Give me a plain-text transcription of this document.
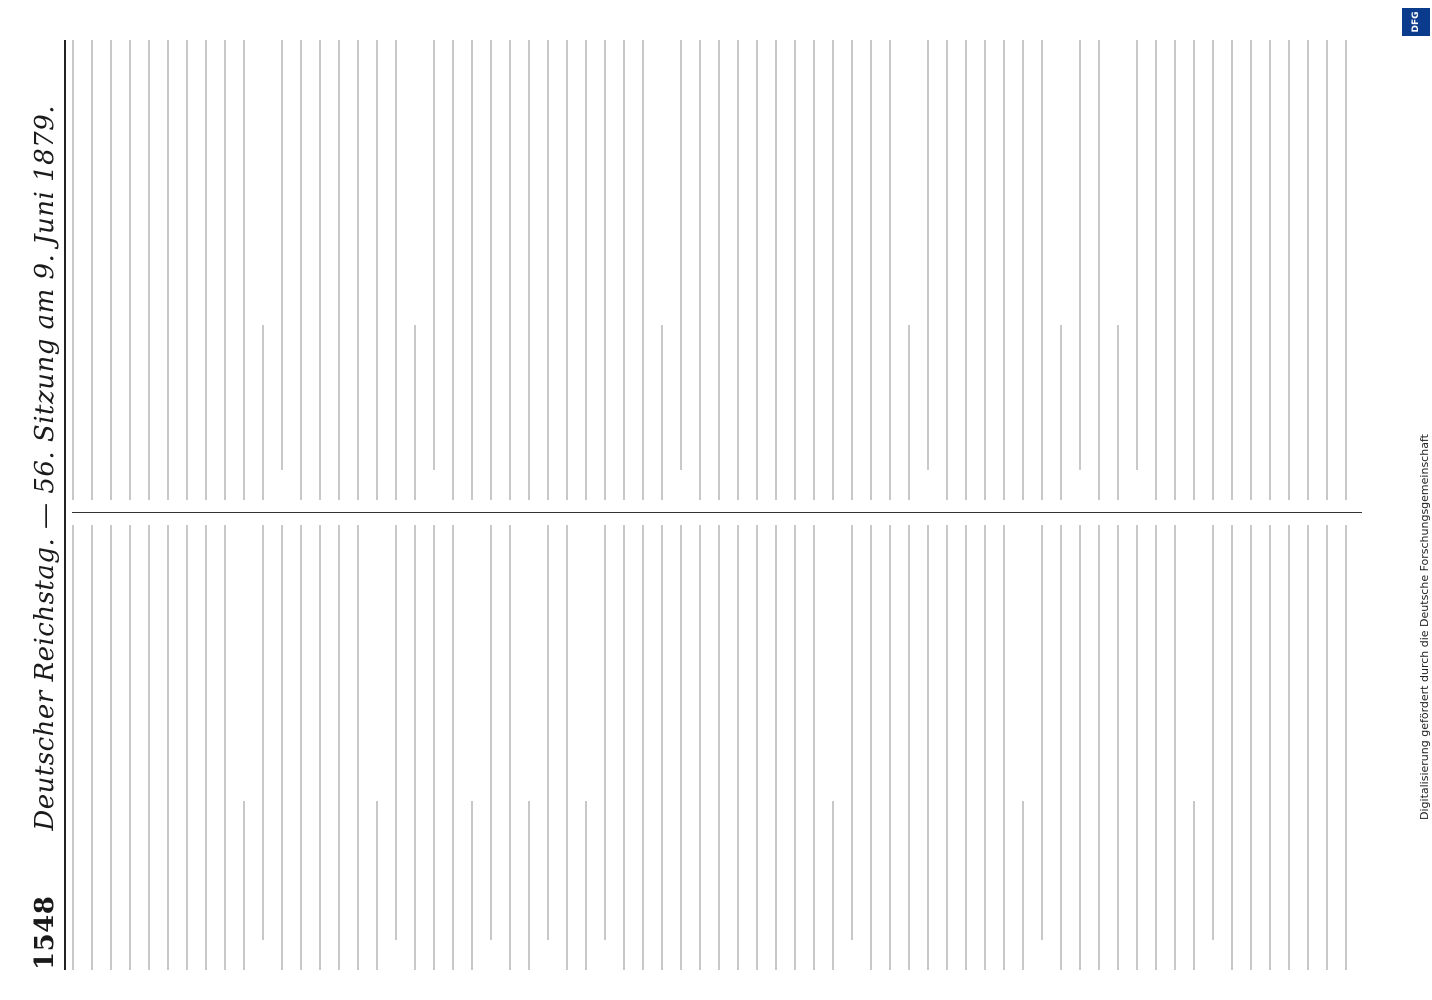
1548
Deutscher Reichstag. — 56. Sitzung am 9. Juni 1879.	Digitalisierung gefördert durch die Deutsche Forschungsgemeinschaft
DFG
